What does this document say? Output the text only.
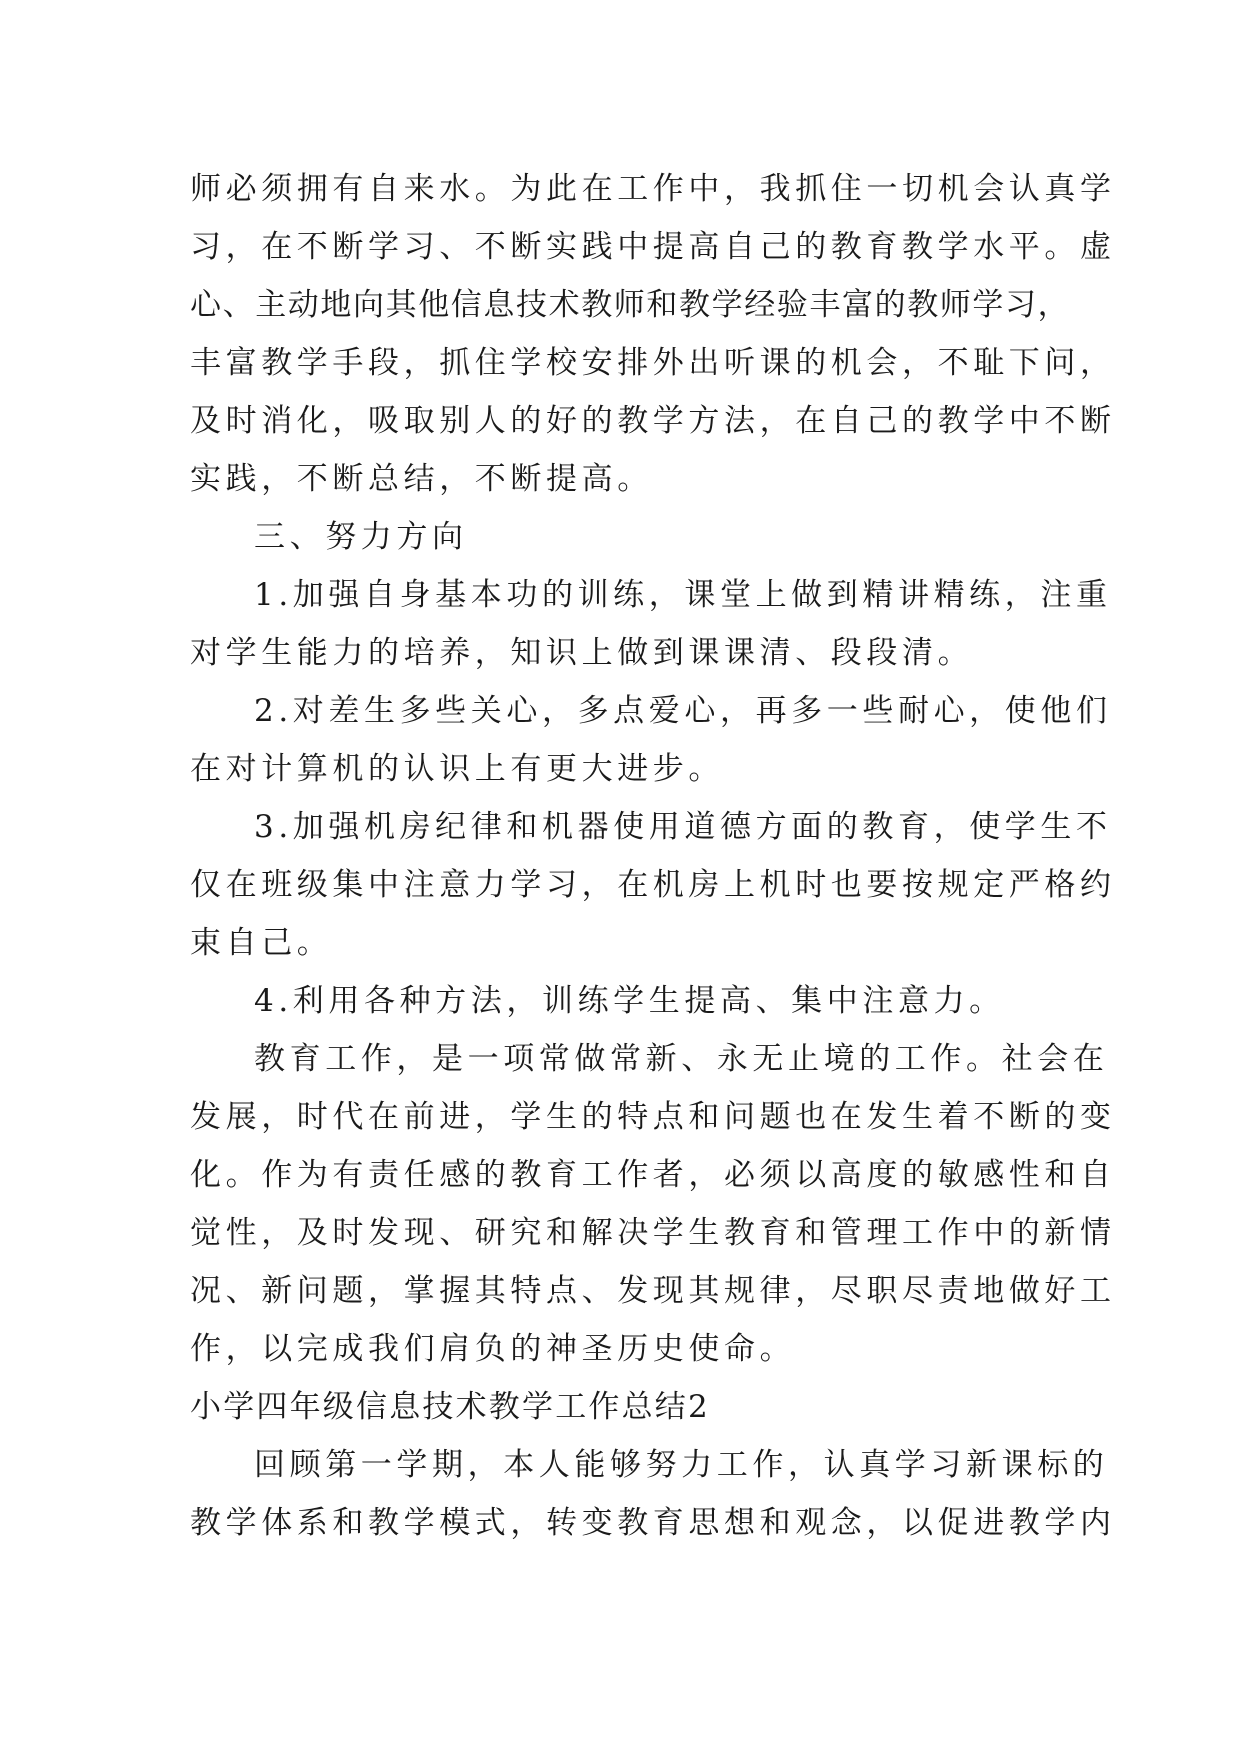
师必须拥有自来水。为此在工作中，我抓住一切机会认真学
习，在不断学习、不断实践中提高自己的教育教学水平。虚
心、主动地向其他信息技术教师和教学经验丰富的教师学习，
丰富教学手段，抓住学校安排外出听课的机会，不耻下问，
及时消化，吸取别人的好的教学方法，在自己的教学中不断
实践，不断总结，不断提高。
三、努力方向
1.加强自身基本功的训练，课堂上做到精讲精练，注重
对学生能力的培养，知识上做到课课清、段段清。
2.对差生多些关心，多点爱心，再多一些耐心，使他们
在对计算机的认识上有更大进步。
3.加强机房纪律和机器使用道德方面的教育，使学生不
仅在班级集中注意力学习，在机房上机时也要按规定严格约
束自己。
4.利用各种方法，训练学生提高、集中注意力。
教育工作，是一项常做常新、永无止境的工作。社会在
发展，时代在前进，学生的特点和问题也在发生着不断的变
化。作为有责任感的教育工作者，必须以高度的敏感性和自
觉性，及时发现、研究和解决学生教育和管理工作中的新情
况、新问题，掌握其特点、发现其规律，尽职尽责地做好工
作，以完成我们肩负的神圣历史使命。
小学四年级信息技术教学工作总结2
回顾第一学期，本人能够努力工作，认真学习新课标的
教学体系和教学模式，转变教育思想和观念，以促进教学内
